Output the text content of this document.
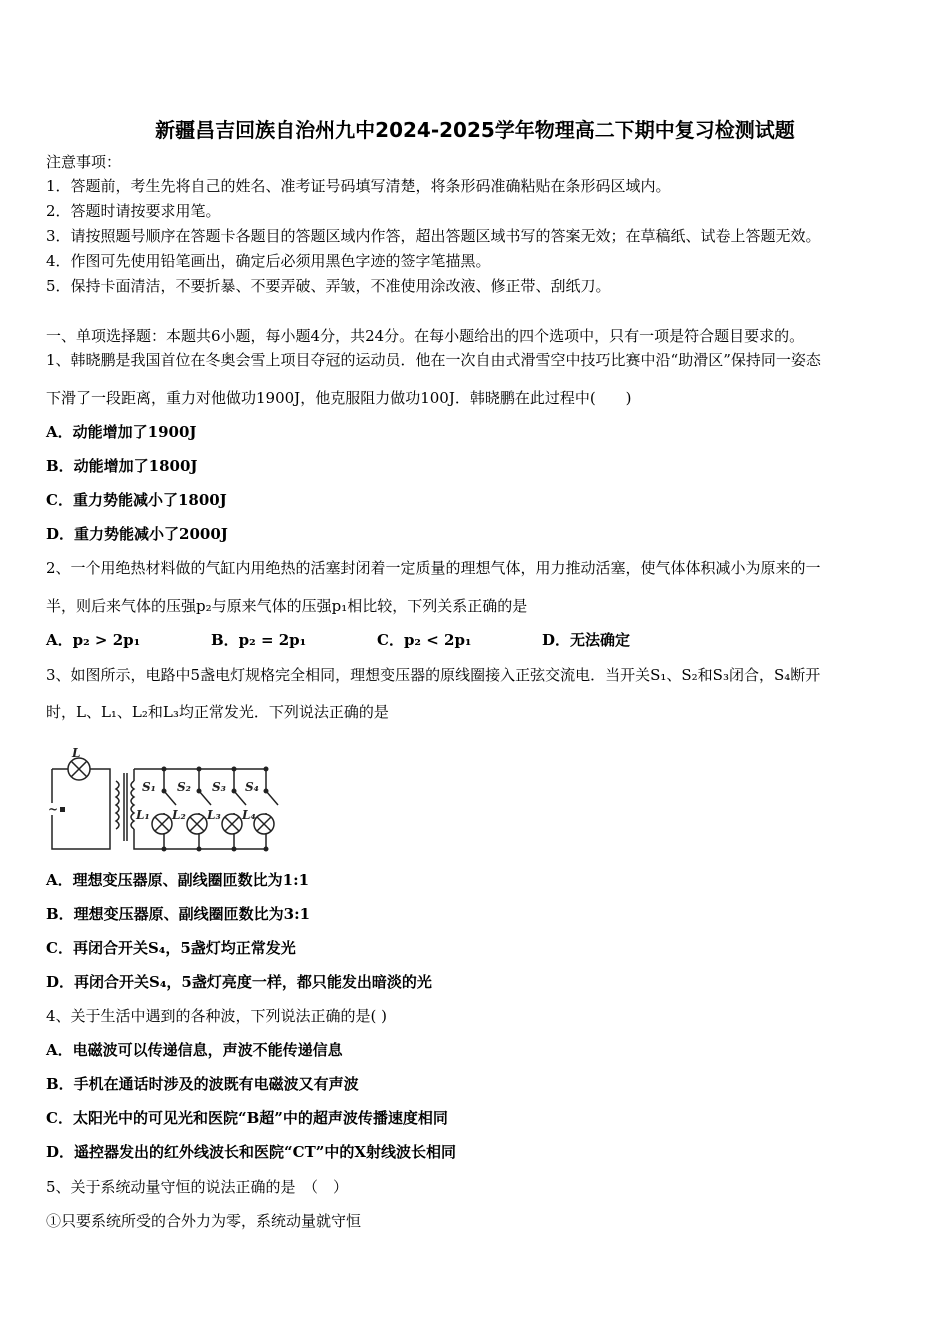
新疆昌吉回族自治州九中2024-2025学年物理高二下期中复习检测试题
注意事项：
1．答题前，考生先将自己的姓名、准考证号码填写清楚，将条形码准确粘贴在条形码区域内。
2．答题时请按要求用笔。
3．请按照题号顺序在答题卡各题目的答题区域内作答，超出答题区域书写的答案无效；在草稿纸、试卷上答题无效。
4．作图可先使用铅笔画出，确定后必须用黑色字迹的签字笔描黑。
5．保持卡面清洁，不要折暴、不要弄破、弄皱，不准使用涂改液、修正带、刮纸刀。
一、单项选择题：本题共6小题，每小题4分，共24分。在每小题给出的四个选项中，只有一项是符合题目要求的。
1、韩晓鹏是我国首位在冬奥会雪上项目夺冠的运动员．他在一次自由式滑雪空中技巧比赛中沿“助滑区”保持同一姿态
下滑了一段距离，重力对他做功1900J，他克服阻力做功100J．韩晓鹏在此过程中(　　)
A．动能增加了1900J
B．动能增加了1800J
C．重力势能减小了1800J
D．重力势能减小了2000J
2、一个用绝热材料做的气缸内用绝热的活塞封闭着一定质量的理想气体，用力推动活塞，使气体体积减小为原来的一
半，则后来气体的压强p₂与原来气体的压强p₁相比较，下列关系正确的是
A．p₂ > 2p₁	B．p₂ = 2p₁	C．p₂ < 2p₁	D．无法确定
3、如图所示，电路中5盏电灯规格完全相同，理想变压器的原线圈接入正弦交流电．当开关S₁、S₂和S₃闭合，S₄断开
时，L、L₁、L₂和L₃均正常发光．下列说法正确的是
~
L
S₁ S₂ S₃ S₄
L₁ L₂ L₃ L₄
A．理想变压器原、副线圈匝数比为1:1
B．理想变压器原、副线圈匝数比为3:1
C．再闭合开关S₄，5盏灯均正常发光
D．再闭合开关S₄，5盏灯亮度一样，都只能发出暗淡的光
4、关于生活中遇到的各种波，下列说法正确的是( )
A．电磁波可以传递信息，声波不能传递信息
B．手机在通话时涉及的波既有电磁波又有声波
C．太阳光中的可见光和医院“B超”中的超声波传播速度相同
D．遥控器发出的红外线波长和医院“CT”中的X射线波长相同
5、关于系统动量守恒的说法正确的是　（　）
①只要系统所受的合外力为零，系统动量就守恒
